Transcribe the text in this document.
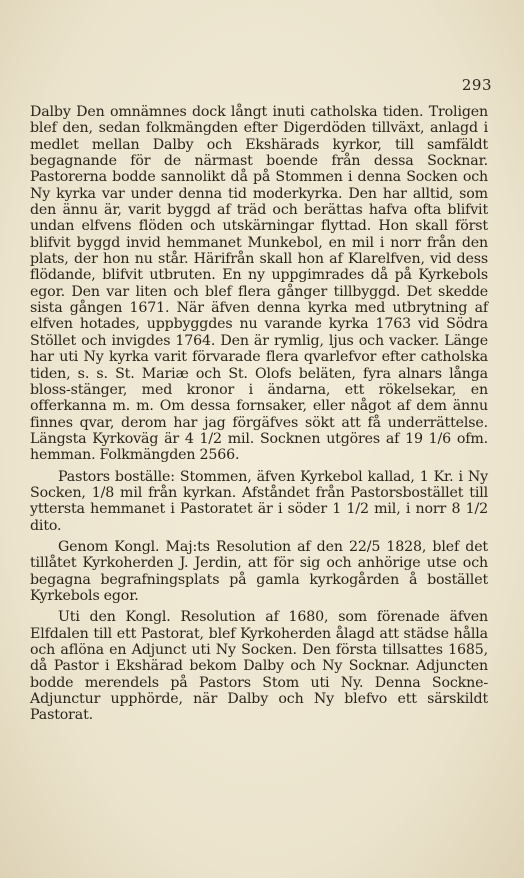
293

Dalby Den omnämnes dock långt inuti catholska tiden. Troligen blef den, sedan folkmängden efter Digerdöden tillväxt, anlagd i medlet mellan Dalby och Ekshärads kyrkor, till samfäldt begagnande för de närmast boende från dessa Socknar. Pastorerna bodde sannolikt då på Stommen i denna Socken och Ny kyrka var under denna tid moderkyrka. Den har alltid, som den ännu är, varit byggd af träd och berättas hafva ofta blifvit undan elfvens flöden och utskärningar flyttad. Hon skall först blifvit byggd invid hemmanet Munkebol, en mil i norr från den plats, der hon nu står. Härifrån skall hon af Klarelfven, vid dess flödande, blifvit utbruten. En ny uppgimrades då på Kyrkebols egor. Den var liten och blef flera gånger tillbyggd. Det skedde sista gången 1671. När äfven denna kyrka med utbrytning af elfven hotades, uppbyggdes nu varande kyrka 1763 vid Södra Stöllet och invigdes 1764. Den är rymlig, ljus och vacker. Länge har uti Ny kyrka varit förvarade flera qvarlefvor efter catholska tiden, s. s. St. Mariæ och St. Olofs beläten, fyra alnars långa bloss-stänger, med kronor i ändarna, ett rökelsekar, en offerkanna m. m. Om dessa fornsaker, eller något af dem ännu finnes qvar, derom har jag förgäfves sökt att få underrättelse. Längsta Kyrkoväg är 4 1/2 mil. Socknen utgöres af 19 1/6 ofm. hemman. Folkmängden 2566.

Pastors boställe: Stommen, äfven Kyrkebol kallad, 1 Kr. i Ny Socken, 1/8 mil från kyrkan. Afståndet från Pastorsbostället till yttersta hemmanet i Pastoratet är i söder 1 1/2 mil, i norr 8 1/2 dito.

Genom Kongl. Maj:ts Resolution af den 22/5 1828, blef det tillåtet Kyrkoherden J. Jerdin, att för sig och anhörige utse och begagna begrafningsplats på gamla kyrkogården å bostället Kyrkebols egor.

Uti den Kongl. Resolution af 1680, som förenade äfven Elfdalen till ett Pastorat, blef Kyrkoherden ålagd att städse hålla och aflöna en Adjunct uti Ny Socken. Den första tillsattes 1685, då Pastor i Ekshärad bekom Dalby och Ny Socknar. Adjuncten bodde merendels på Pastors Stom uti Ny. Denna Sockne-Adjunctur upphörde, när Dalby och Ny blefvo ett särskildt Pastorat.
